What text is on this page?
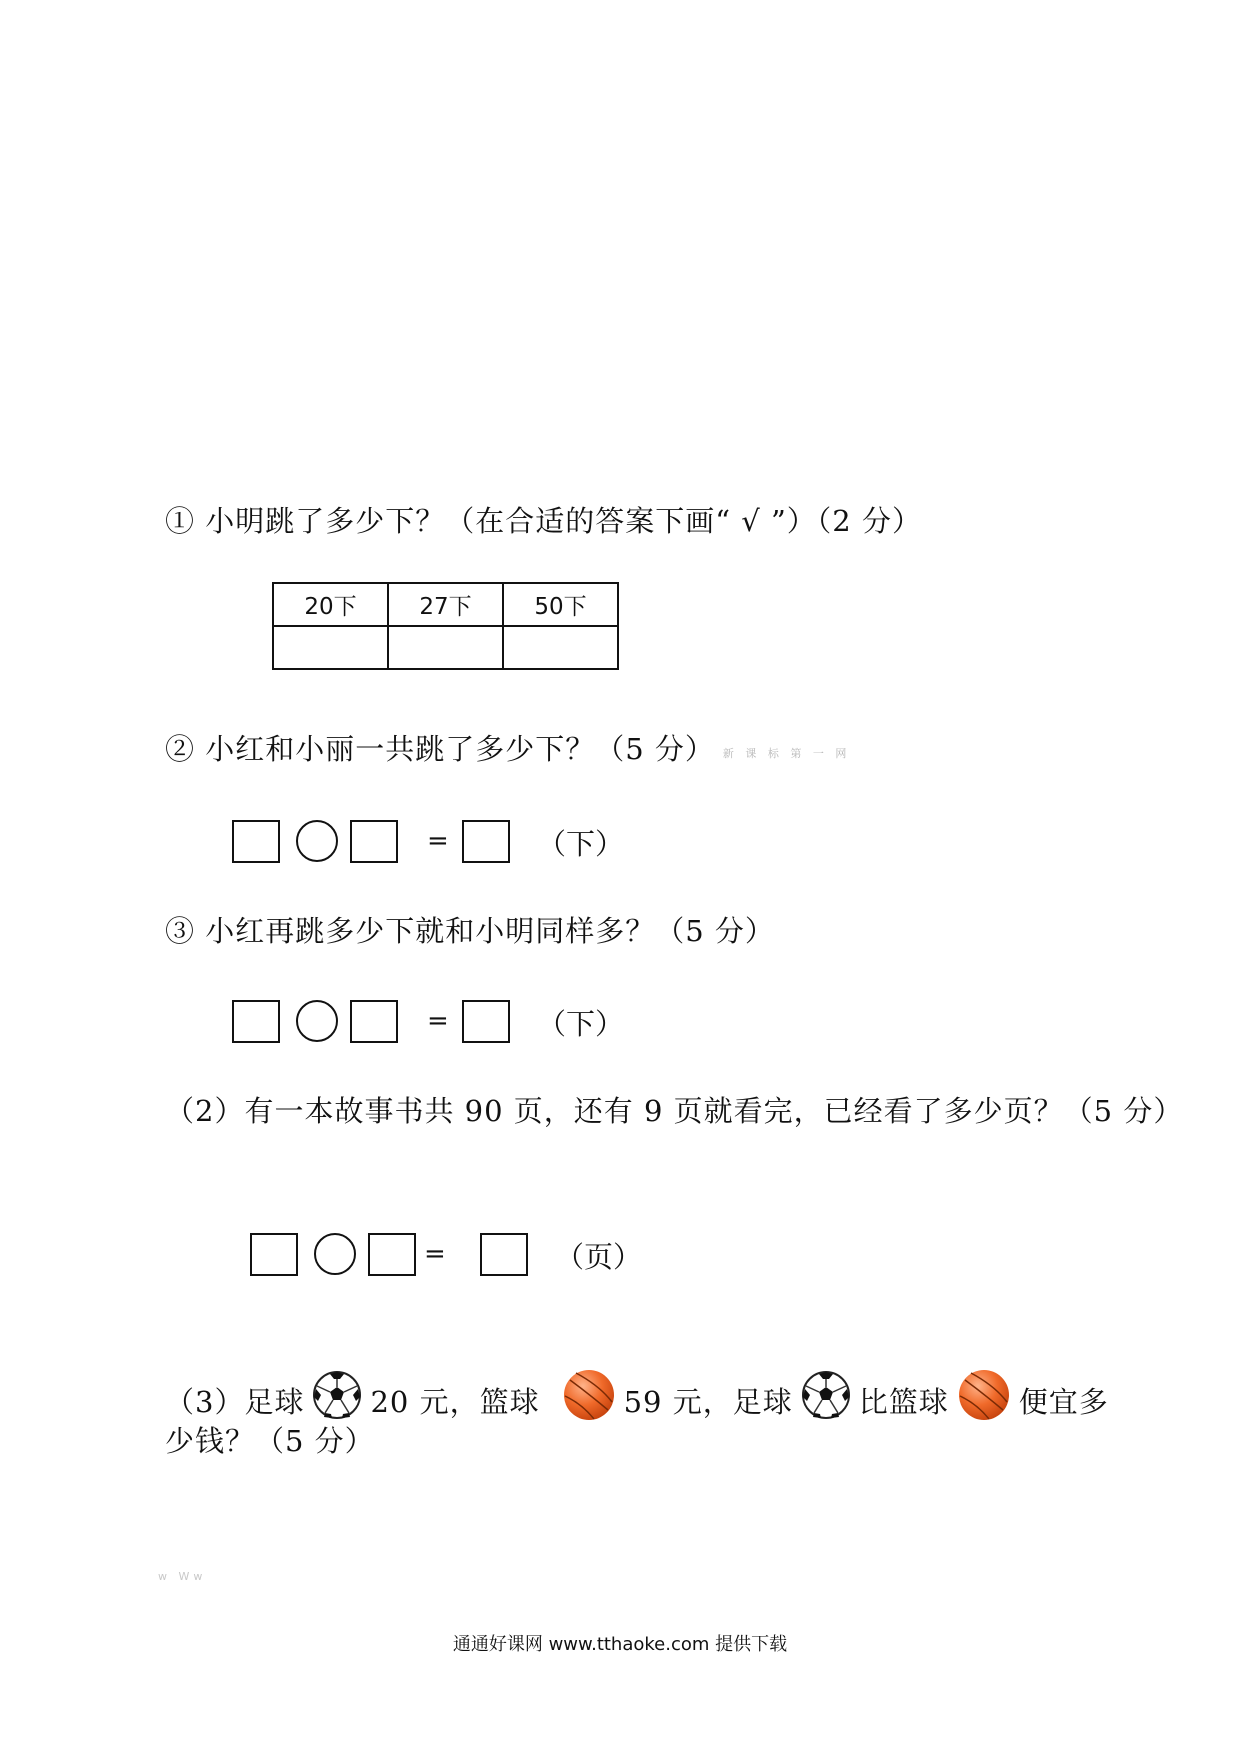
① 小明跳了多少下？（在合适的答案下画“ √ ”）（2 分）
20下	27下	50下

② 小红和小丽一共跳了多少下？（5 分） 新 课 标 第 一 网
=	（下）
③ 小红再跳多少下就和小明同样多？（5 分）
=	（下）
（2）有一本故事书共 90 页，还有 9 页就看完，已经看了多少页？（5 分）
=	（页）
（3）足球 20 元，篮球	59 元，足球 比篮球 便宜多
少钱？（5 分）
w Ww
通通好课网 www.tthaoke.com 提供下载
